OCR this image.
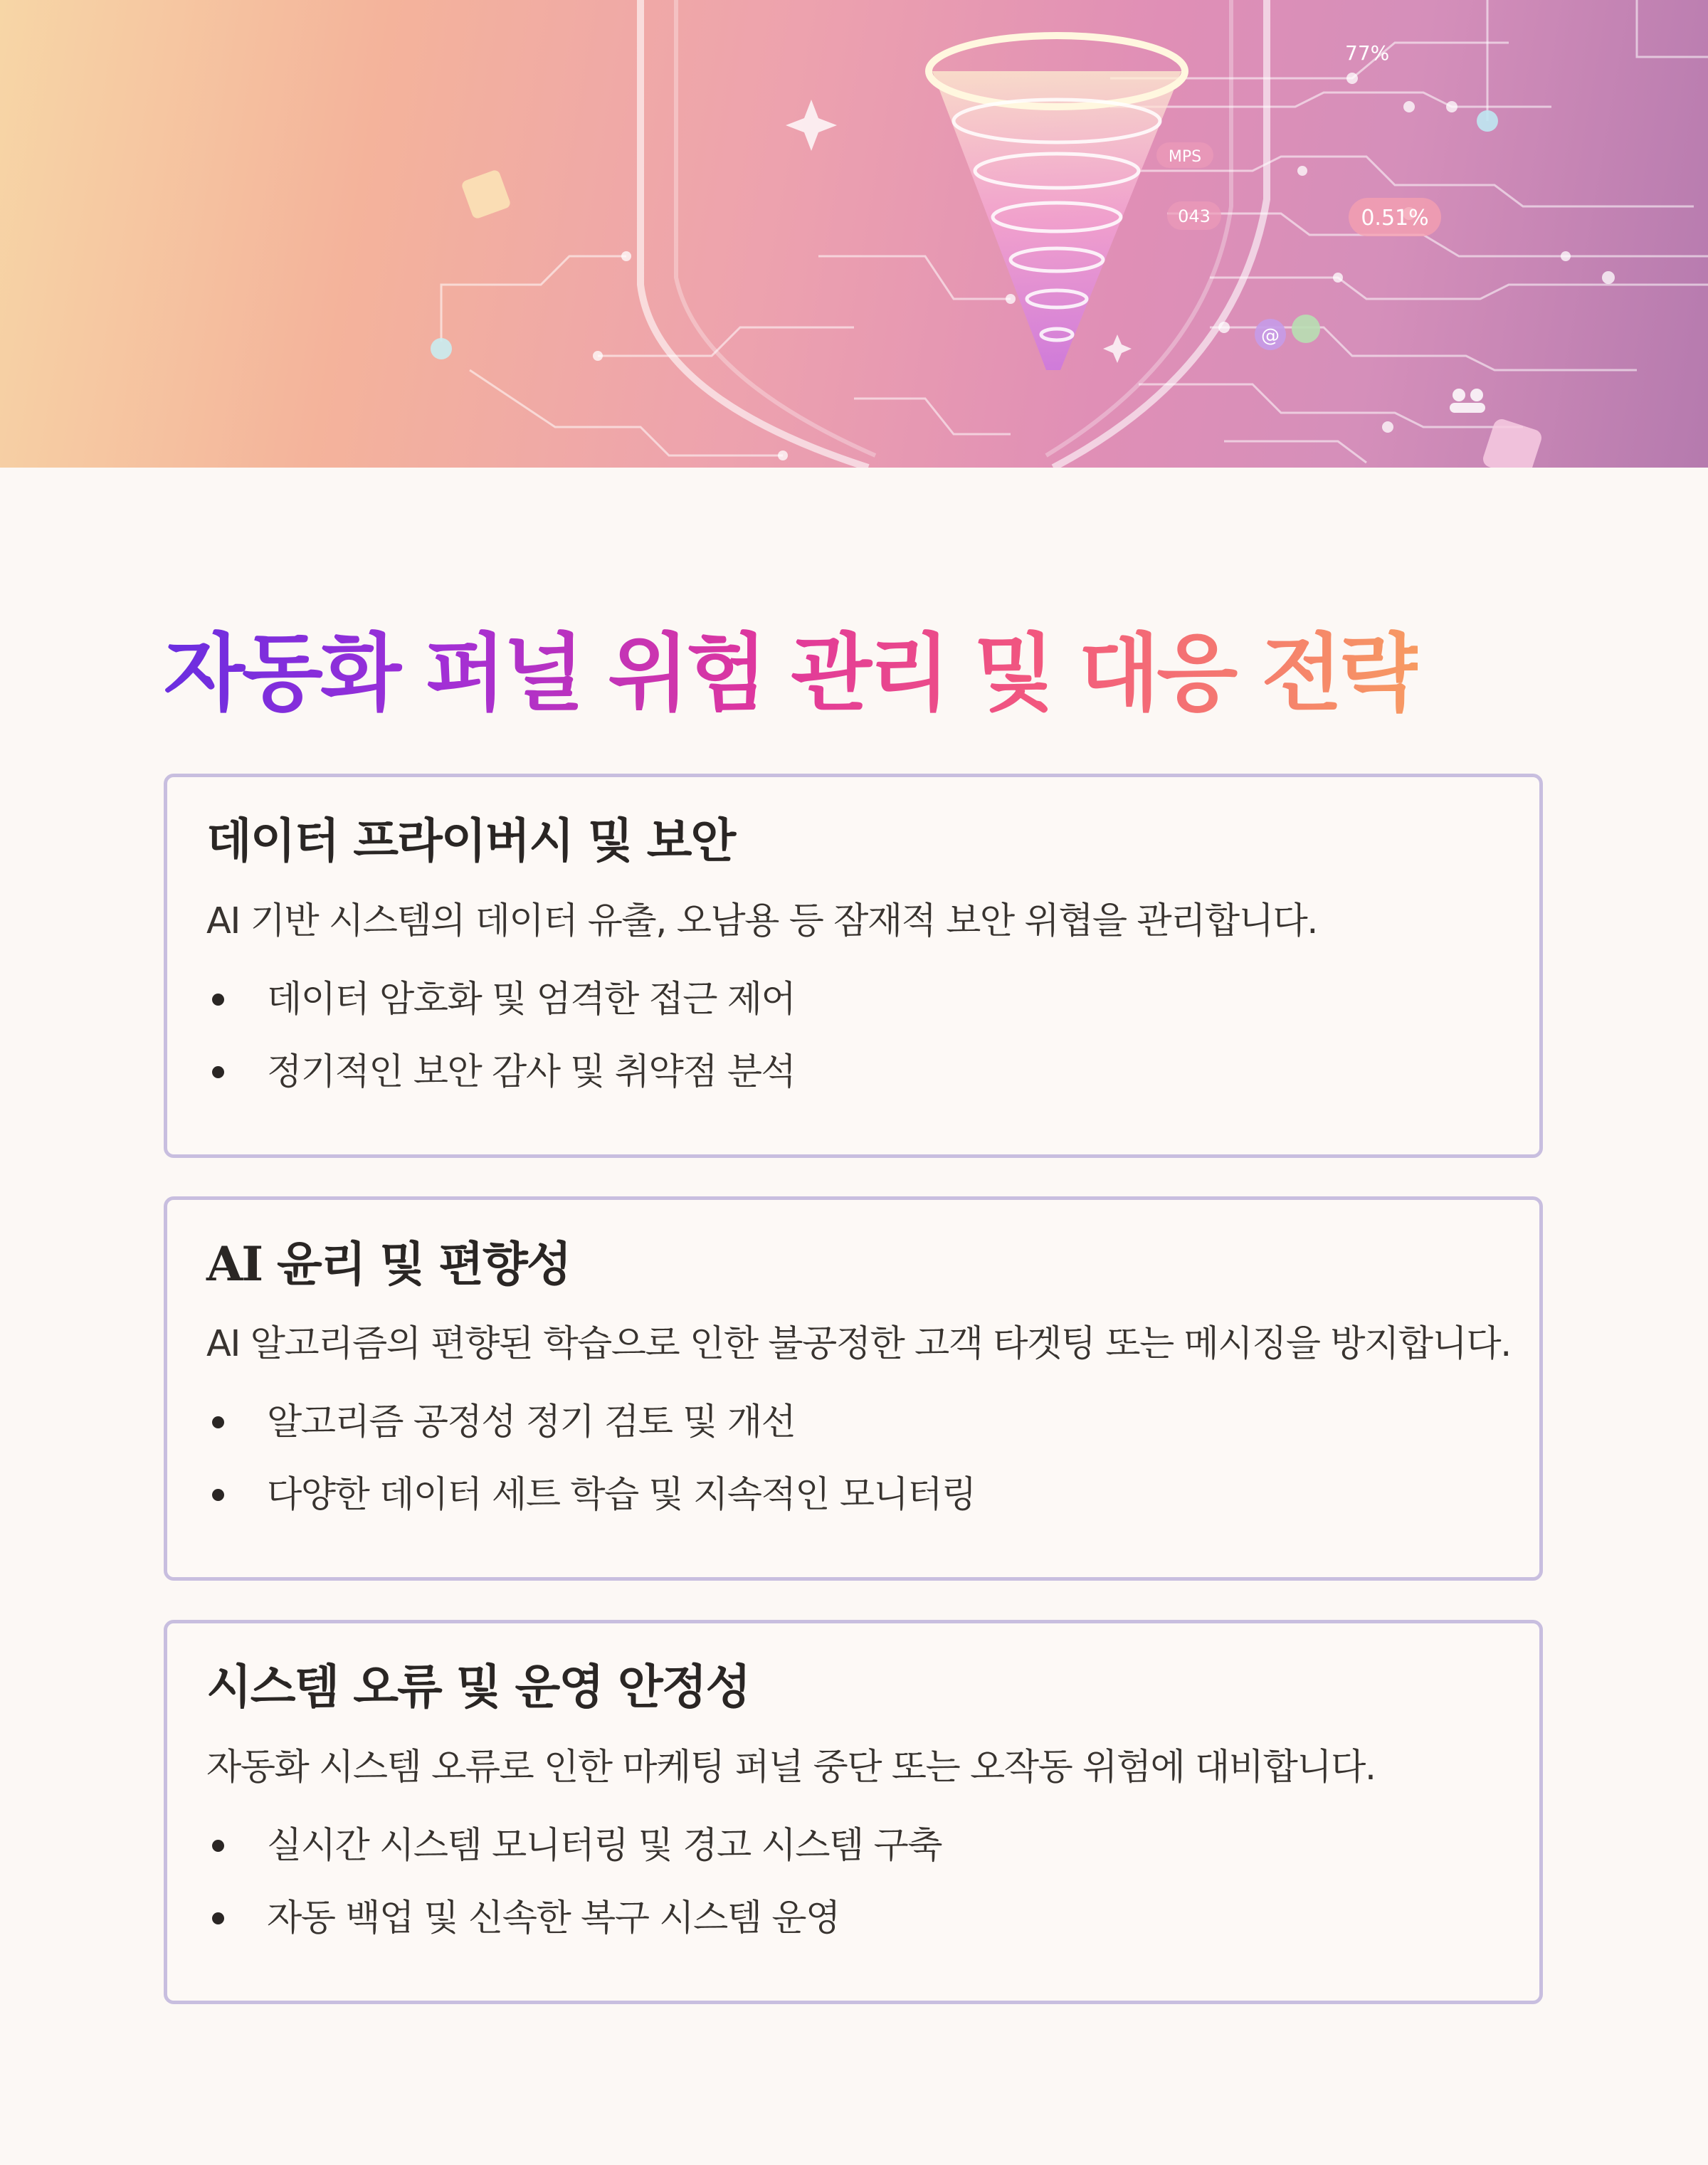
@
0.51%
77%
MPS
043
자동화 퍼널 위험 관리 및 대응 전략
데이터 프라이버시 및 보안

AI 기반 시스템의 데이터 유출, 오남용 등 잠재적 보안 위협을 관리합니다.

데이터 암호화 및 엄격한 접근 제어
정기적인 보안 감사 및 취약점 분석
AI 윤리 및 편향성

AI 알고리즘의 편향된 학습으로 인한 불공정한 고객 타겟팅 또는 메시징을 방지합니다.

알고리즘 공정성 정기 검토 및 개선
다양한 데이터 세트 학습 및 지속적인 모니터링
시스템 오류 및 운영 안정성

자동화 시스템 오류로 인한 마케팅 퍼널 중단 또는 오작동 위험에 대비합니다.

실시간 시스템 모니터링 및 경고 시스템 구축
자동 백업 및 신속한 복구 시스템 운영
